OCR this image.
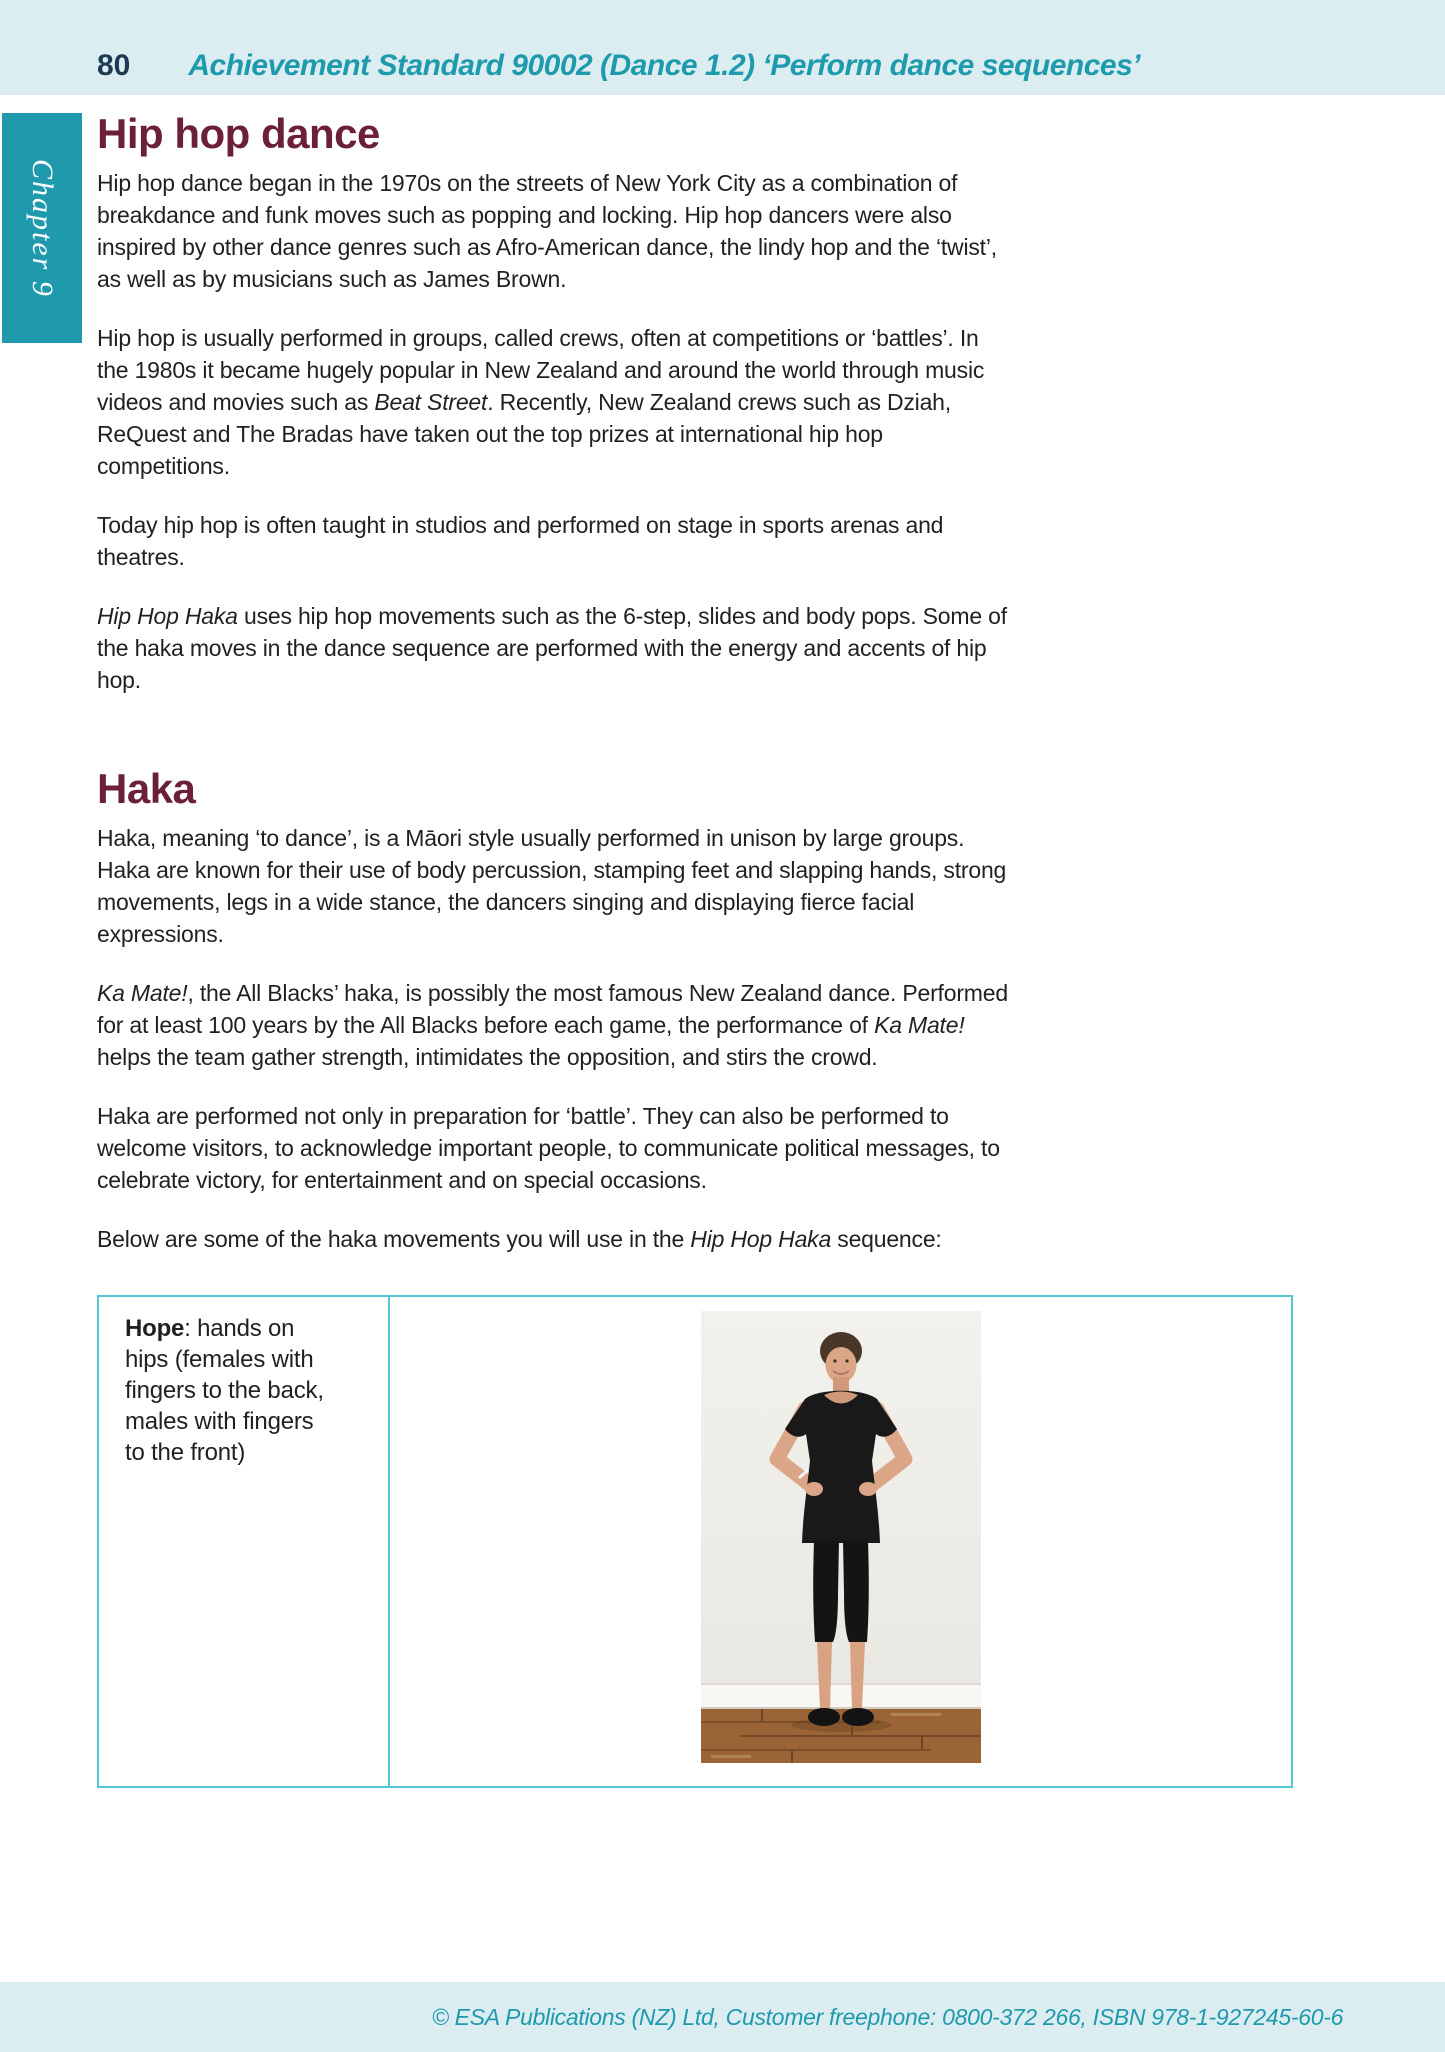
80 Achievement Standard 90002 (Dance 1.2) ‘Perform dance sequences’
Chapter 9
Hip hop dance

Hip hop dance began in the 1970s on the streets of New York City as a combination of breakdance and funk moves such as popping and locking. Hip hop dancers were also inspired by other dance genres such as Afro-American dance, the lindy hop and the ‘twist’, as well as by musicians such as James Brown.

Hip hop is usually performed in groups, called crews, often at competitions or ‘battles’. In the 1980s it became hugely popular in New Zealand and around the world through music videos and movies such as Beat Street. Recently, New Zealand crews such as Dziah, ReQuest and The Bradas have taken out the top prizes at international hip hop competitions.

Today hip hop is often taught in studios and performed on stage in sports arenas and theatres.

Hip Hop Haka uses hip hop movements such as the 6-step, slides and body pops. Some of the haka moves in the dance sequence are performed with the energy and accents of hip hop.

Haka

Haka, meaning ‘to dance’, is a Māori style usually performed in unison by large groups. Haka are known for their use of body percussion, stamping feet and slapping hands, strong movements, legs in a wide stance, the dancers singing and displaying fierce facial expressions.

Ka Mate!, the All Blacks’ haka, is possibly the most famous New Zealand dance. Performed for at least 100 years by the All Blacks before each game, the performance of Ka Mate! helps the team gather strength, intimidates the opposition, and stirs the crowd.

Haka are performed not only in preparation for ‘battle’. They can also be performed to welcome visitors, to acknowledge important people, to communicate political messages, to celebrate victory, for entertainment and on special occasions.

Below are some of the haka movements you will use in the Hip Hop Haka sequence:

Hope: hands on hips (females with fingers to the back, males with fingers to the front)
© ESA Publications (NZ) Ltd, Customer freephone: 0800-372 266, ISBN 978-1-927245-60-6
